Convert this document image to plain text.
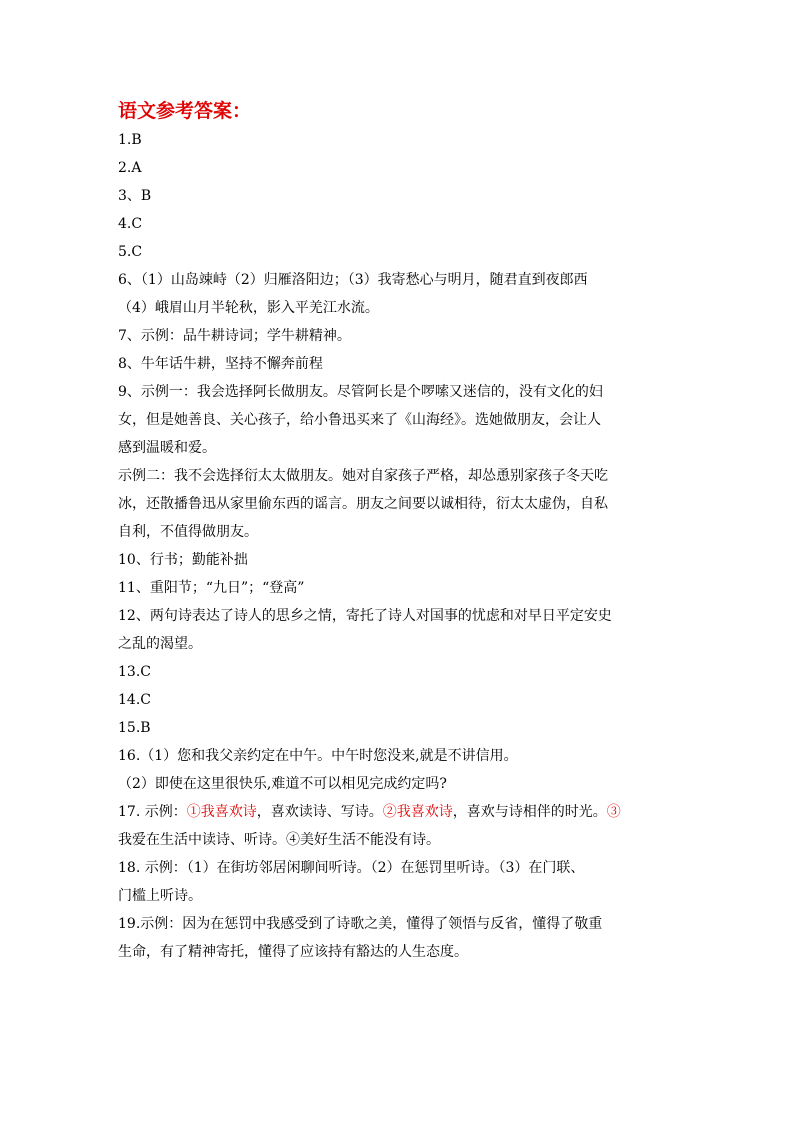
语文参考答案：
1.B
2.A
3、B
4.C
5.C
6、（1）山岛竦峙（2）归雁洛阳边；（3）我寄愁心与明月，随君直到夜郎西
（4）峨眉山月半轮秋，影入平羌江水流。
7、示例：品牛耕诗词；学牛耕精神。
8、牛年话牛耕，坚持不懈奔前程
9、示例一：我会选择阿长做朋友。尽管阿长是个啰嗦又迷信的，没有文化的妇
女，但是她善良、关心孩子，给小鲁迅买来了《山海经》。选她做朋友，会让人
感到温暖和爱。
示例二：我不会选择衍太太做朋友。她对自家孩子严格，却怂恿别家孩子冬天吃
冰，还散播鲁迅从家里偷东西的谣言。朋友之间要以诚相待，衍太太虚伪，自私
自利，不值得做朋友。
10、行书；勤能补拙
11、重阳节；“九日”；“登高”
12、两句诗表达了诗人的思乡之情，寄托了诗人对国事的忧虑和对早日平定安史
之乱的渴望。
13.C
14.C
15.B
16.（1）您和我父亲约定在中午。中午时您没来,就是不讲信用。
（2）即使在这里很快乐,难道不可以相见完成约定吗?
17. 示例：①我喜欢诗，喜欢读诗、写诗。②我喜欢诗，喜欢与诗相伴的时光。③
我爱在生活中读诗、听诗。④美好生活不能没有诗。
18. 示例：（1）在街坊邻居闲聊间听诗。（2）在惩罚里听诗。（3）在门联、
门槛上听诗。
19.示例：因为在惩罚中我感受到了诗歌之美，懂得了领悟与反省，懂得了敬重
生命，有了精神寄托，懂得了应该持有豁达的人生态度。
